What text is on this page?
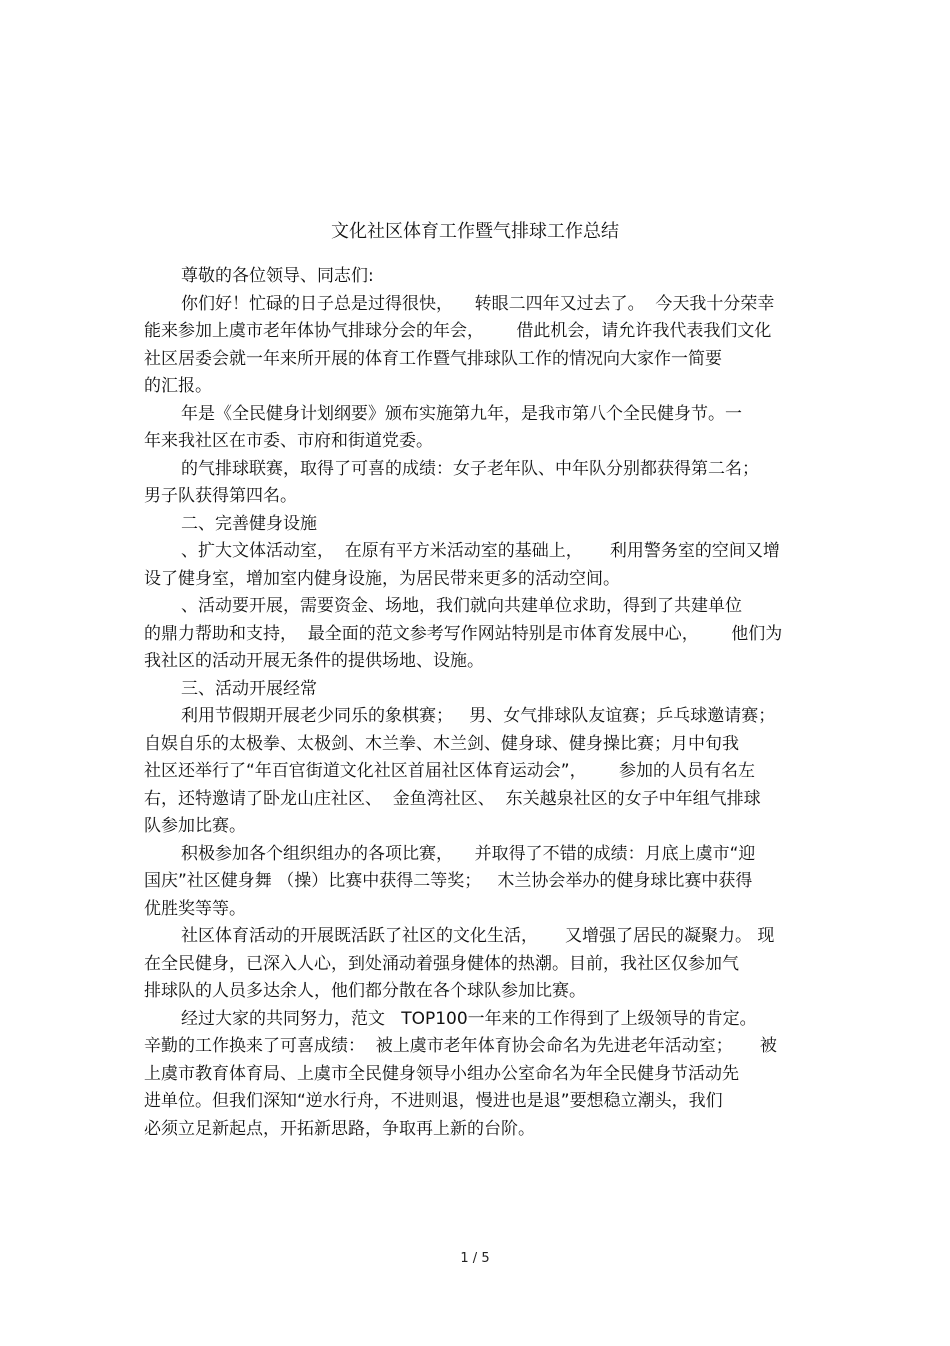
文化社区体育工作暨气排球工作总结
尊敬的各位领导、同志们:
你们好！忙碌的日子总是过得很快，    转眼二四年又过去了。  今天我十分荣幸
能来参加上虞市老年体协气排球分会的年会，      借此机会，请允许我代表我们文化
社区居委会就一年来所开展的体育工作暨气排球队工作的情况向大家作一简要
的汇报。
年是《全民健身计划纲要》颁布实施第九年，是我市第八个全民健身节。一
年来我社区在市委、市府和街道党委。
的气排球联赛，取得了可喜的成绩：女子老年队、中年队分别都获得第二名；
男子队获得第四名。
二、完善健身设施
、扩大文体活动室，  在原有平方米活动室的基础上，     利用警务室的空间又增
设了健身室，增加室内健身设施，为居民带来更多的活动空间。
、活动要开展，需要资金、场地，我们就向共建单位求助，得到了共建单位
的鼎力帮助和支持，  最全面的范文参考写作网站特别是市体育发展中心，      他们为
我社区的活动开展无条件的提供场地、设施。
三、活动开展经常
利用节假期开展老少同乐的象棋赛；   男、女气排球队友谊赛；乒乓球邀请赛；
自娱自乐的太极拳、太极剑、木兰拳、木兰剑、健身球、健身操比赛；月中旬我
社区还举行了“年百官街道文化社区首届社区体育运动会”，      参加的人员有名左
右，还特邀请了卧龙山庄社区、  金鱼湾社区、  东关越泉社区的女子中年组气排球
队参加比赛。
积极参加各个组织组办的各项比赛，    并取得了不错的成绩：月底上虞市“迎
国庆”社区健身舞 （操）比赛中获得二等奖；   木兰协会举办的健身球比赛中获得
优胜奖等等。
社区体育活动的开展既活跃了社区的文化生活，     又增强了居民的凝聚力。 现
在全民健身，已深入人心，到处涌动着强身健体的热潮。目前，我社区仅参加气
排球队的人员多达余人，他们都分散在各个球队参加比赛。
经过大家的共同努力，范文   TOP100一年来的工作得到了上级领导的肯定。
辛勤的工作换来了可喜成绩：  被上虞市老年体育协会命名为先进老年活动室；     被
上虞市教育体育局、上虞市全民健身领导小组办公室命名为年全民健身节活动先
进单位。但我们深知“逆水行舟，不进则退，慢进也是退”要想稳立潮头，我们
必须立足新起点，开拓新思路，争取再上新的台阶。
1 / 5
